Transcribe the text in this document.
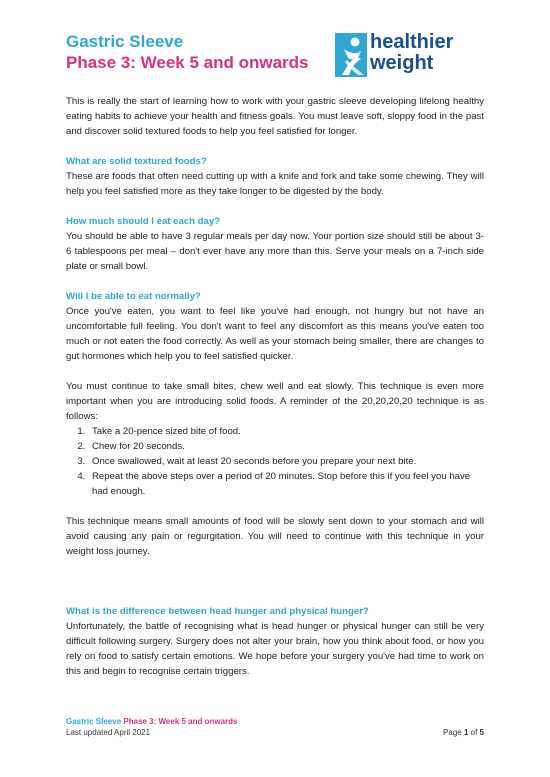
Gastric Sleeve
Phase 3: Week 5 and onwards
healthier
weight

This is really the start of learning how to work with your gastric sleeve developing lifelong healthy eating habits to achieve your health and fitness goals. You must leave soft, sloppy food in the past and discover solid textured foods to help you feel satisfied for longer.

What are solid textured foods?

These are foods that often need cutting up with a knife and fork and take some chewing. They will help you feel satisfied more as they take longer to be digested by the body.

How much should I eat each day?

You should be able to have 3 regular meals per day now. Your portion size should still be about 3-6 tablespoons per meal – don't ever have any more than this. Serve your meals on a 7-inch side plate or small bowl.

Will I be able to eat normally?

Once you've eaten, you want to feel like you've had enough, not hungry but not have an uncomfortable full feeling. You don't want to feel any discomfort as this means you've eaten too much or not eaten the food correctly. As well as your stomach being smaller, there are changes to gut hormones which help you to feel satisfied quicker.

You must continue to take small bites, chew well and eat slowly. This technique is even more important when you are introducing solid foods. A reminder of the 20,20,20,20 technique is as follows:

1. Take a 20-pence sized bite of food.
2. Chew for 20 seconds.
3. Once swallowed, wait at least 20 seconds before you prepare your next bite.
4. Repeat the above steps over a period of 20 minutes. Stop before this if you feel you have had enough.

This technique means small amounts of food will be slowly sent down to your stomach and will avoid causing any pain or regurgitation. You will need to continue with this technique in your weight loss journey.

What is the difference between head hunger and physical hunger?

Unfortunately, the battle of recognising what is head hunger or physical hunger can still be very difficult following surgery. Surgery does not alter your brain, how you think about food, or how you rely on food to satisfy certain emotions. We hope before your surgery you've had time to work on this and begin to recognise certain triggers.

Gastric Sleeve Phase 3: Week 5 and onwards
Last updated April 2021	Page 1 of 5
